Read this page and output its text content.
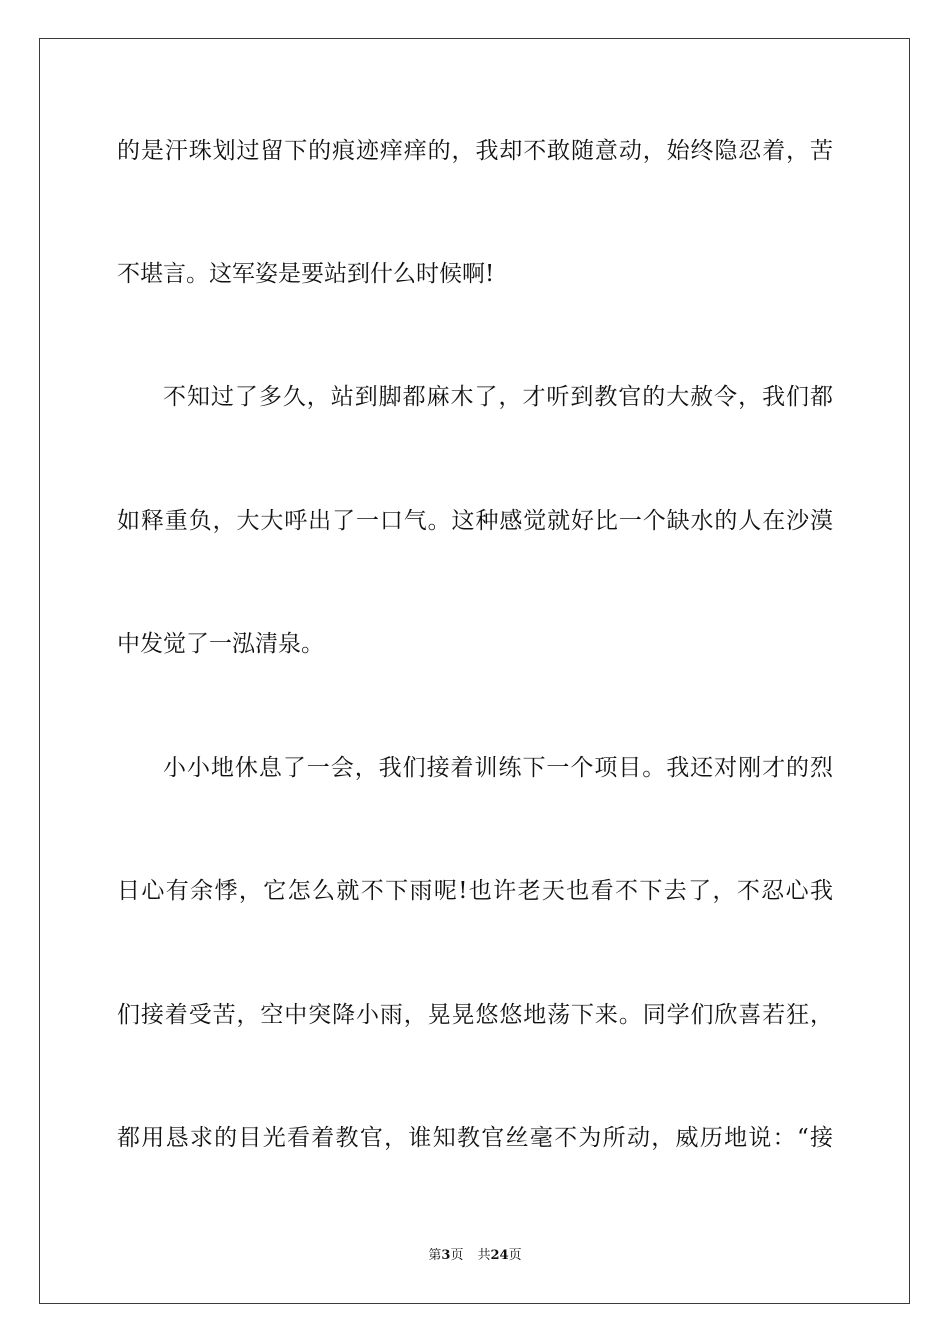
的是汗珠划过留下的痕迹痒痒的，我却不敢随意动，始终隐忍着，苦
不堪言。这军姿是要站到什么时候啊!
不知过了多久，站到脚都麻木了，才听到教官的大赦令，我们都
如释重负，大大呼出了一口气。这种感觉就好比一个缺水的人在沙漠
中发觉了一泓清泉。
小小地休息了一会，我们接着训练下一个项目。我还对刚才的烈
日心有余悸，它怎么就不下雨呢!也许老天也看不下去了，不忍心我
们接着受苦，空中突降小雨，晃晃悠悠地荡下来。同学们欣喜若狂，
都用恳求的目光看着教官，谁知教官丝毫不为所动，威历地说：“接
第3页 共24页
